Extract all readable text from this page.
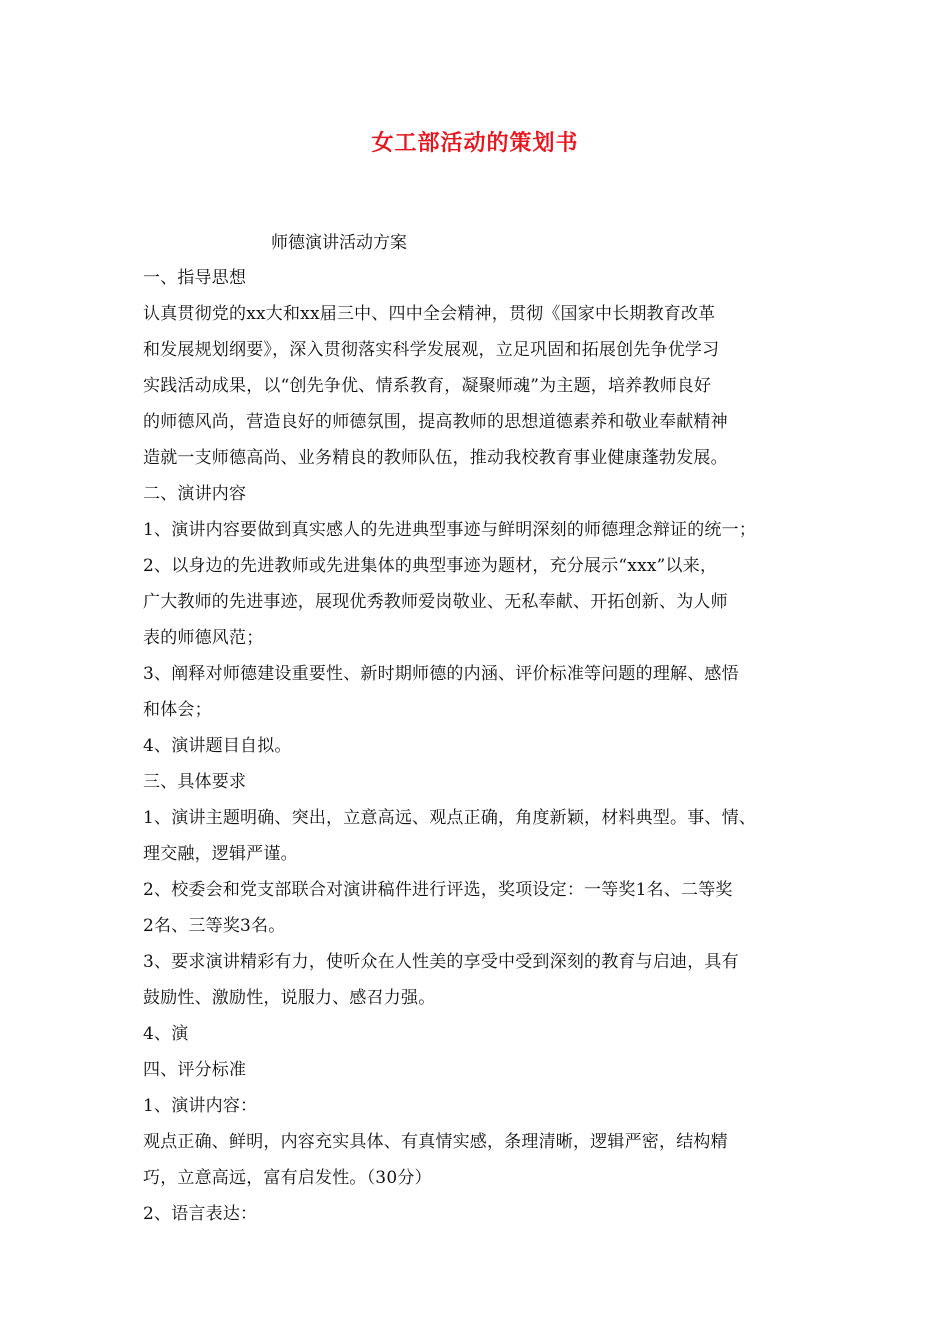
女工部活动的策划书
师德演讲活动方案
一、指导思想
认真贯彻党的xx大和xx届三中、四中全会精神，贯彻《国家中长期教育改革
和发展规划纲要》，深入贯彻落实科学发展观，立足巩固和拓展创先争优学习
实践活动成果，以“创先争优、情系教育，凝聚师魂”为主题，培养教师良好
的师德风尚，营造良好的师德氛围，提高教师的思想道德素养和敬业奉献精神
造就一支师德高尚、业务精良的教师队伍，推动我校教育事业健康蓬勃发展。
二、演讲内容
1、演讲内容要做到真实感人的先进典型事迹与鲜明深刻的师德理念辩证的统一；
2、以身边的先进教师或先进集体的典型事迹为题材，充分展示“xxx”以来，
广大教师的先进事迹，展现优秀教师爱岗敬业、无私奉献、开拓创新、为人师
表的师德风范；
3、阐释对师德建设重要性、新时期师德的内涵、评价标准等问题的理解、感悟
和体会；
4、演讲题目自拟。
三、具体要求
1、演讲主题明确、突出，立意高远、观点正确，角度新颖，材料典型。事、情、
理交融，逻辑严谨。
2、校委会和党支部联合对演讲稿件进行评选，奖项设定：一等奖1名、二等奖
2名、三等奖3名。
3、要求演讲精彩有力，使听众在人性美的享受中受到深刻的教育与启迪，具有
鼓励性、激励性，说服力、感召力强。
4、演
四、评分标准
1、演讲内容：
观点正确、鲜明，内容充实具体、有真情实感，条理清晰，逻辑严密，结构精
巧，立意高远，富有启发性。（30分）
2、语言表达：
